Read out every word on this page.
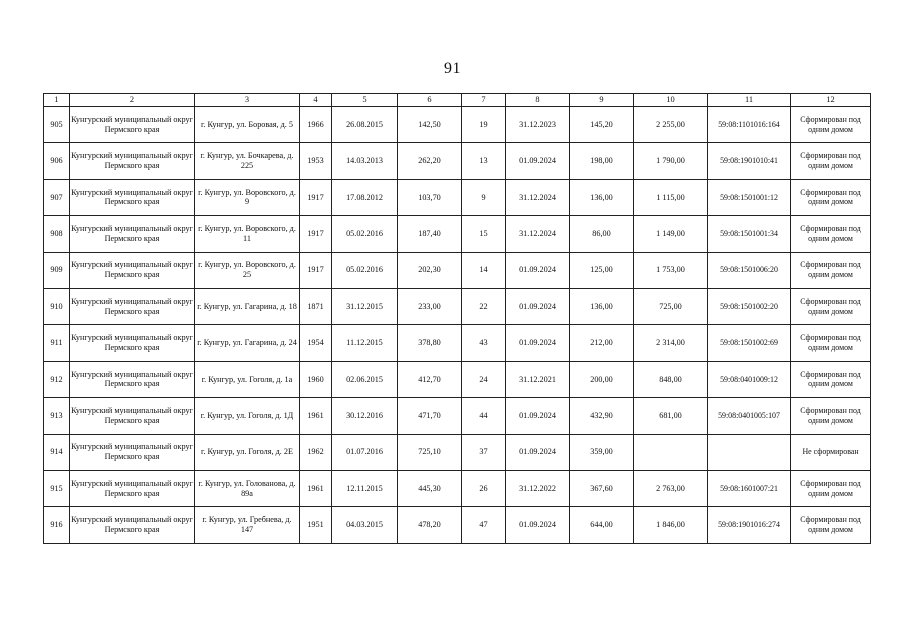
91
1	2	3	4	5	6	7	8	9	10	11	12
905	Кунгурский муниципальный округ Пермского края	г. Кунгур, ул. Боровая, д. 5	1966	26.08.2015	142,50	19	31.12.2023	145,20	2 255,00	59:08:1101016:164	Сформирован под одним домом
906	Кунгурский муниципальный округ Пермского края	г. Кунгур, ул. Бочкарева, д. 225	1953	14.03.2013	262,20	13	01.09.2024	198,00	1 790,00	59:08:1901010:41	Сформирован под одним домом
907	Кунгурский муниципальный округ Пермского края	г. Кунгур, ул. Воровского, д. 9	1917	17.08.2012	103,70	9	31.12.2024	136,00	1 115,00	59:08:1501001:12	Сформирован под одним домом
908	Кунгурский муниципальный округ Пермского края	г. Кунгур, ул. Воровского, д. 11	1917	05.02.2016	187,40	15	31.12.2024	86,00	1 149,00	59:08:1501001:34	Сформирован под одним домом
909	Кунгурский муниципальный округ Пермского края	г. Кунгур, ул. Воровского, д. 25	1917	05.02.2016	202,30	14	01.09.2024	125,00	1 753,00	59:08:1501006:20	Сформирован под одним домом
910	Кунгурский муниципальный округ Пермского края	г. Кунгур, ул. Гагарина, д. 18	1871	31.12.2015	233,00	22	01.09.2024	136,00	725,00	59:08:1501002:20	Сформирован под одним домом
911	Кунгурский муниципальный округ Пермского края	г. Кунгур, ул. Гагарина, д. 24	1954	11.12.2015	378,80	43	01.09.2024	212,00	2 314,00	59:08:1501002:69	Сформирован под одним домом
912	Кунгурский муниципальный округ Пермского края	г. Кунгур, ул. Гоголя, д. 1а	1960	02.06.2015	412,70	24	31.12.2021	200,00	848,00	59:08:0401009:12	Сформирован под одним домом
913	Кунгурский муниципальный округ Пермского края	г. Кунгур, ул. Гоголя, д. 1Д	1961	30.12.2016	471,70	44	01.09.2024	432,90	681,00	59:08:0401005:107	Сформирован под одним домом
914	Кунгурский муниципальный округ Пермского края	г. Кунгур, ул. Гоголя, д. 2Е	1962	01.07.2016	725,10	37	01.09.2024	359,00			Не сформирован
915	Кунгурский муниципальный округ Пермского края	г. Кунгур, ул. Голованова, д. 89а	1961	12.11.2015	445,30	26	31.12.2022	367,60	2 763,00	59:08:1601007:21	Сформирован под одним домом
916	Кунгурский муниципальный округ Пермского края	г. Кунгур, ул. Гребнева, д. 147	1951	04.03.2015	478,20	47	01.09.2024	644,00	1 846,00	59:08:1901016:274	Сформирован под одним домом
